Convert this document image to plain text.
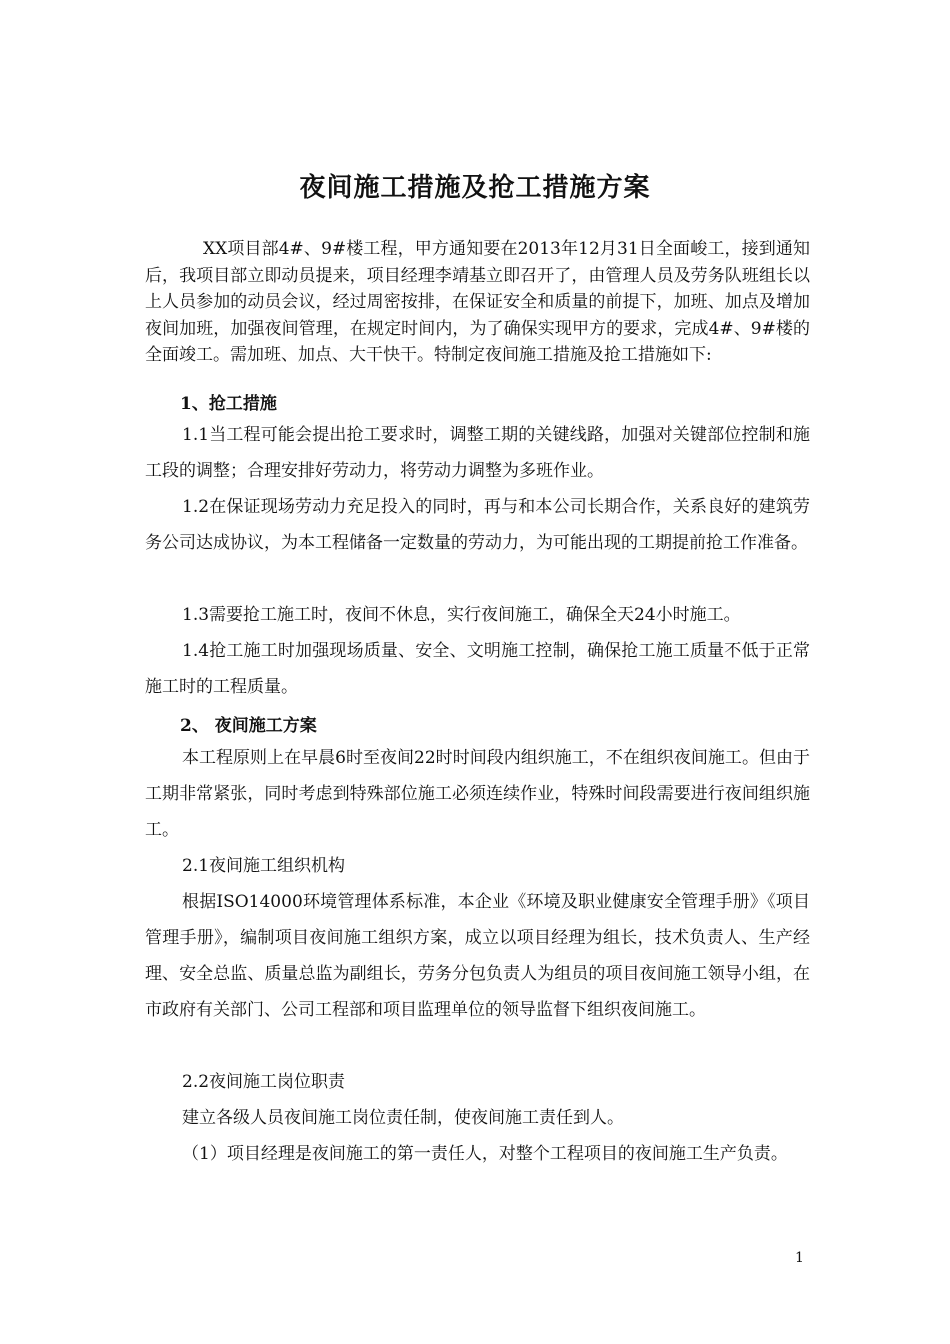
夜间施工措施及抢工措施方案

XX项目部4#、9#楼工程，甲方通知要在2013年12月31日全面峻工，接到通知后，我项目部立即动员提来，项目经理李靖基立即召开了，由管理人员及劳务队班组长以上人员参加的动员会议，经过周密按排，在保证安全和质量的前提下，加班、加点及增加夜间加班，加强夜间管理，在规定时间内，为了确保实现甲方的要求，完成4#、9#楼的全面竣工。需加班、加点、大干快干。特制定夜间施工措施及抢工措施如下:

1、抢工措施

1.1当工程可能会提出抢工要求时，调整工期的关键线路，加强对关键部位控制和施工段的调整；合理安排好劳动力，将劳动力调整为多班作业。

1.2在保证现场劳动力充足投入的同时，再与和本公司长期合作，关系良好的建筑劳务公司达成协议，为本工程储备一定数量的劳动力，为可能出现的工期提前抢工作准备。

1.3需要抢工施工时，夜间不休息，实行夜间施工，确保全天24小时施工。

1.4抢工施工时加强现场质量、安全、文明施工控制，确保抢工施工质量不低于正常施工时的工程质量。

2、 夜间施工方案

本工程原则上在早晨6时至夜间22时时间段内组织施工，不在组织夜间施工。但由于工期非常紧张，同时考虑到特殊部位施工必须连续作业，特殊时间段需要进行夜间组织施工。

2.1夜间施工组织机构

根据ISO14000环境管理体系标准，本企业《环境及职业健康安全管理手册》《项目管理手册》，编制项目夜间施工组织方案，成立以项目经理为组长，技术负责人、生产经理、安全总监、质量总监为副组长，劳务分包负责人为组员的项目夜间施工领导小组，在市政府有关部门、公司工程部和项目监理单位的领导监督下组织夜间施工。

2.2夜间施工岗位职责

建立各级人员夜间施工岗位责任制，使夜间施工责任到人。

（1）项目经理是夜间施工的第一责任人，对整个工程项目的夜间施工生产负责。

1
